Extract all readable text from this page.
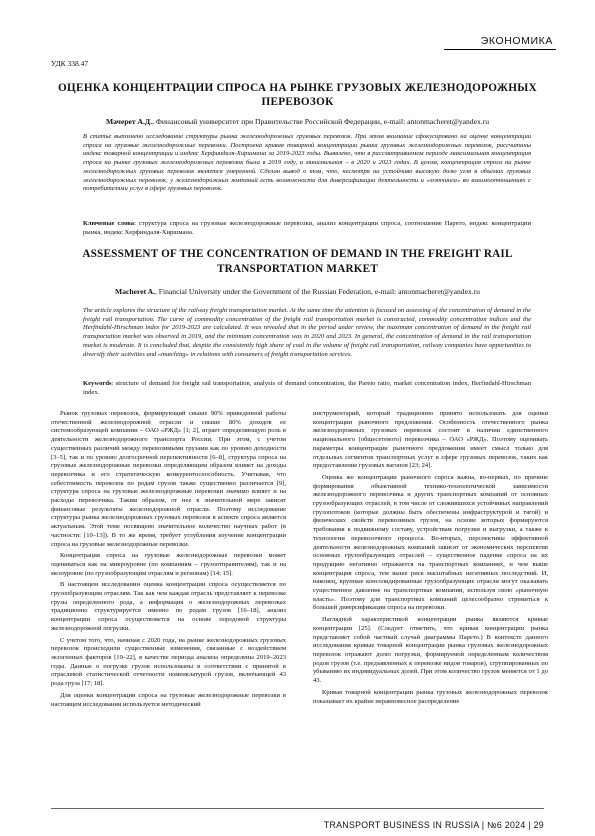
ЭКОНОМИКА
УДК 338.47
ОЦЕНКА КОНЦЕНТРАЦИИ СПРОСА НА РЫНКЕ ГРУЗОВЫХ ЖЕЛЕЗНОДОРОЖНЫХ ПЕРЕВОЗОК
Мачерет А.Д., Финансовый университет при Правительстве Российской Федерации, e-mail: antonmacheret@yandex.ru
В статье выполнено исследование структуры рынка железнодорожных грузовых перевозок. При этом внимание сфокусировано на оценке концентрации спроса на грузовые железнодорожные перевозки. Построена кривая товарной концентрации рынка грузовых железнодорожных перевозок, рассчитаны индекс товарной концентрации и индекс Херфиндаля-Хиршмана за 2019-2023 годы. Выявлено, что в рассматриваемом периоде максимальная концентрация спроса на рынке грузовых железнодорожных перевозок была в 2019 году, а минимальная – в 2020 и 2023 годах. В целом, концентрация спроса на рынке железнодорожных грузовых перевозок является умеренной. Сделан вывод о том, что, несмотря на устойчиво высокую долю угля в объемах грузовых железнодорожных перевозок, у железнодорожных компаний есть возможности для диверсификации деятельности и «мэтчинга» во взаимоотношениях с потребителями услуг в сфере грузовых перевозок.
Ключевые слова: структура спроса на грузовые железнодорожные перевозки, анализ концентрации спроса, соотношение Парето, индекс концентрации рынка, индекс Херфиндаля-Хиршмана.
ASSESSMENT OF THE CONCENTRATION OF DEMAND IN THE FREIGHT RAIL TRANSPORTATION MARKET
Macheret A., Financial University under the Government of the Russian Federation, e-mail: antonmacheret@yandex.ru
The article explores the structure of the railway freight transportation market. At the same time the attention is focused on assessing of the concentration of demand in the freight rail transportation. The curve of commodity concentration of the freight rail transportation market is constructed, commodity concentration indices and the Herfindahl-Hirschman index for 2019-2023 are calculated. It was revealed that in the period under review, the maximum concentration of demand in the freight rail transportation market was observed in 2019, and the minimum concentration was in 2020 and 2023. In general, the concentration of demand in the rail transportation market is moderate. It is concluded that, despite the consistently high share of coal in the volume of freight rail transportation, railway companies have opportunities to diversify their activities and «matching» in relations with consumers of freight transportation services.
Keywords: structure of demand for freight rail transportation, analysis of demand concentration, the Pareto ratio, market concentration index, Herfindahl-Hirschman index.

Рынок грузовых перевозок, формирующий свыше 90% приведенной работы отечественной железнодорожной отрасли и свыше 80% доходов ее системообразующей компании – ОАО «РЖД» [1; 2], играет определяющую роль в деятельности железнодорожного транспорта России. При этом, с учетом существенных различий между перевозимыми грузами как по уровню доходности [3–5], так и по уровню долгосрочной перспективности [6–8], структура спроса на грузовые железнодорожные перевозки определяющим образом влияет на доходы перевозчика и его стратегическую конкурентоспособность. Учитывая, что себестоимость перевозок по родам грузов также существенно различается [9], структура спроса на грузовые железнодорожные перевозки значимо влияет и на расходы перевозчика. Таким образом, от нее в значительной мере зависят финансовые результаты железнодорожной отрасли. Поэтому исследование структуры рынка железнодорожных грузовых перевозок в аспекте спроса является актуальным. Этой теме посвящено значительное количество научных работ (в частности: [10–13]). В то же время, требует углубления изучение концентрации спроса на грузовые железнодорожные перевозки.

Концентрация спроса на грузовые железнодорожные перевозки может оцениваться как на микроуровне (по компаниям – грузоотправителям), так и на мезоуровне (по грузообразующим отраслям и регионам) [14; 15].

В настоящем исследовании оценка концентрации спроса осуществляется по грузообразующим отраслям. Так как чем каждая отрасль представляет к перевозке грузы определенного рода, а информация о железнодорожных перевозках традиционно структурируется именно по родам грузов [16–18], анализ концентрации спроса осуществляется на основе породовой структуры железнодорожной погрузки.

С учетом того, что, начиная с 2020 года, на рынке железнодорожных грузовых перевозок происходили существенные изменения, связанные с воздействием экзогенных факторов [19–22], в качестве периода анализа определены 2019–2023 годы. Данные о погрузке грузов использованы в соответствии с принятой в отраслевой статистической отчетности номенклатурой грузов, включающей 43 рода груза [17; 18].

Для оценки концентрации спроса на грузовые железнодорожные перевозки в настоящем исследовании используется методический

инструментарий, который традиционно принято использовать для оценки концентрации рыночного предложения. Особенность отечественного рынка железнодорожных грузовых перевозок состоит в наличии единственного национального (общесетевого) перевозчика – ОАО «РЖД». Поэтому оценивать параметры концентрации рыночного предложения имеет смысл только для отдельных сегментов транспортных услуг в сфере грузовых перевозок, таких как предоставление грузовых вагонов [23; 24].

Оценка же концентрации рыночного спроса важна, во-первых, по причине формирования объективной технико-технологической зависимости железнодорожного перевозчика и других транспортных компаний от основных грузообразующих отраслей, в том числе от сложившихся устойчивых направлений грузопотоков (которые должны быть обеспечены инфраструктурой и тягой) и физических свойств перевозимых грузов, на основе которых формируются требования к подвижному составу, устройствам погрузки и выгрузки, а также к технологии перевозочного процесса. Во-вторых, перспективы эффективной деятельности железнодорожных компаний зависят от экономических перспектив основных грузообразующих отраслей – существенное падение спроса на их продукцию негативно отражается на транспортных компаниях, и чем выше концентрация спроса, тем выше риск масштабных негативных последствий. И, наконец, крупные консолидированные грузообразующие отрасли могут оказывать существенное давление на транспортные компании, используя свою «рыночную власть». Поэтому для транспортных компаний целесообразно стремиться к большей диверсификации спроса на перевозки.

Наглядной характеристикой концентрации рынка являются кривые концентрации [25]. (Следует отметить, что кривая концентрации рынка представляет собой частный случай диаграммы Парето.) В контексте данного исследования кривые товарной концентрации рынка грузовых железнодорожных перевозок отражают долю погрузки, формируемой определенным количеством родов грузов (т.е. предъявленных к перевозке видов товаров), сгруппированных по убыванию их индивидуальных долей. При этом количество грузов меняется от 1 до 43.

Кривая товарной концентрации рынка грузовых железнодорожных перевозок показывает их крайне неравновесное распределение

TRANSPORT BUSINESS IN RUSSIA | №6 2024 | 29
